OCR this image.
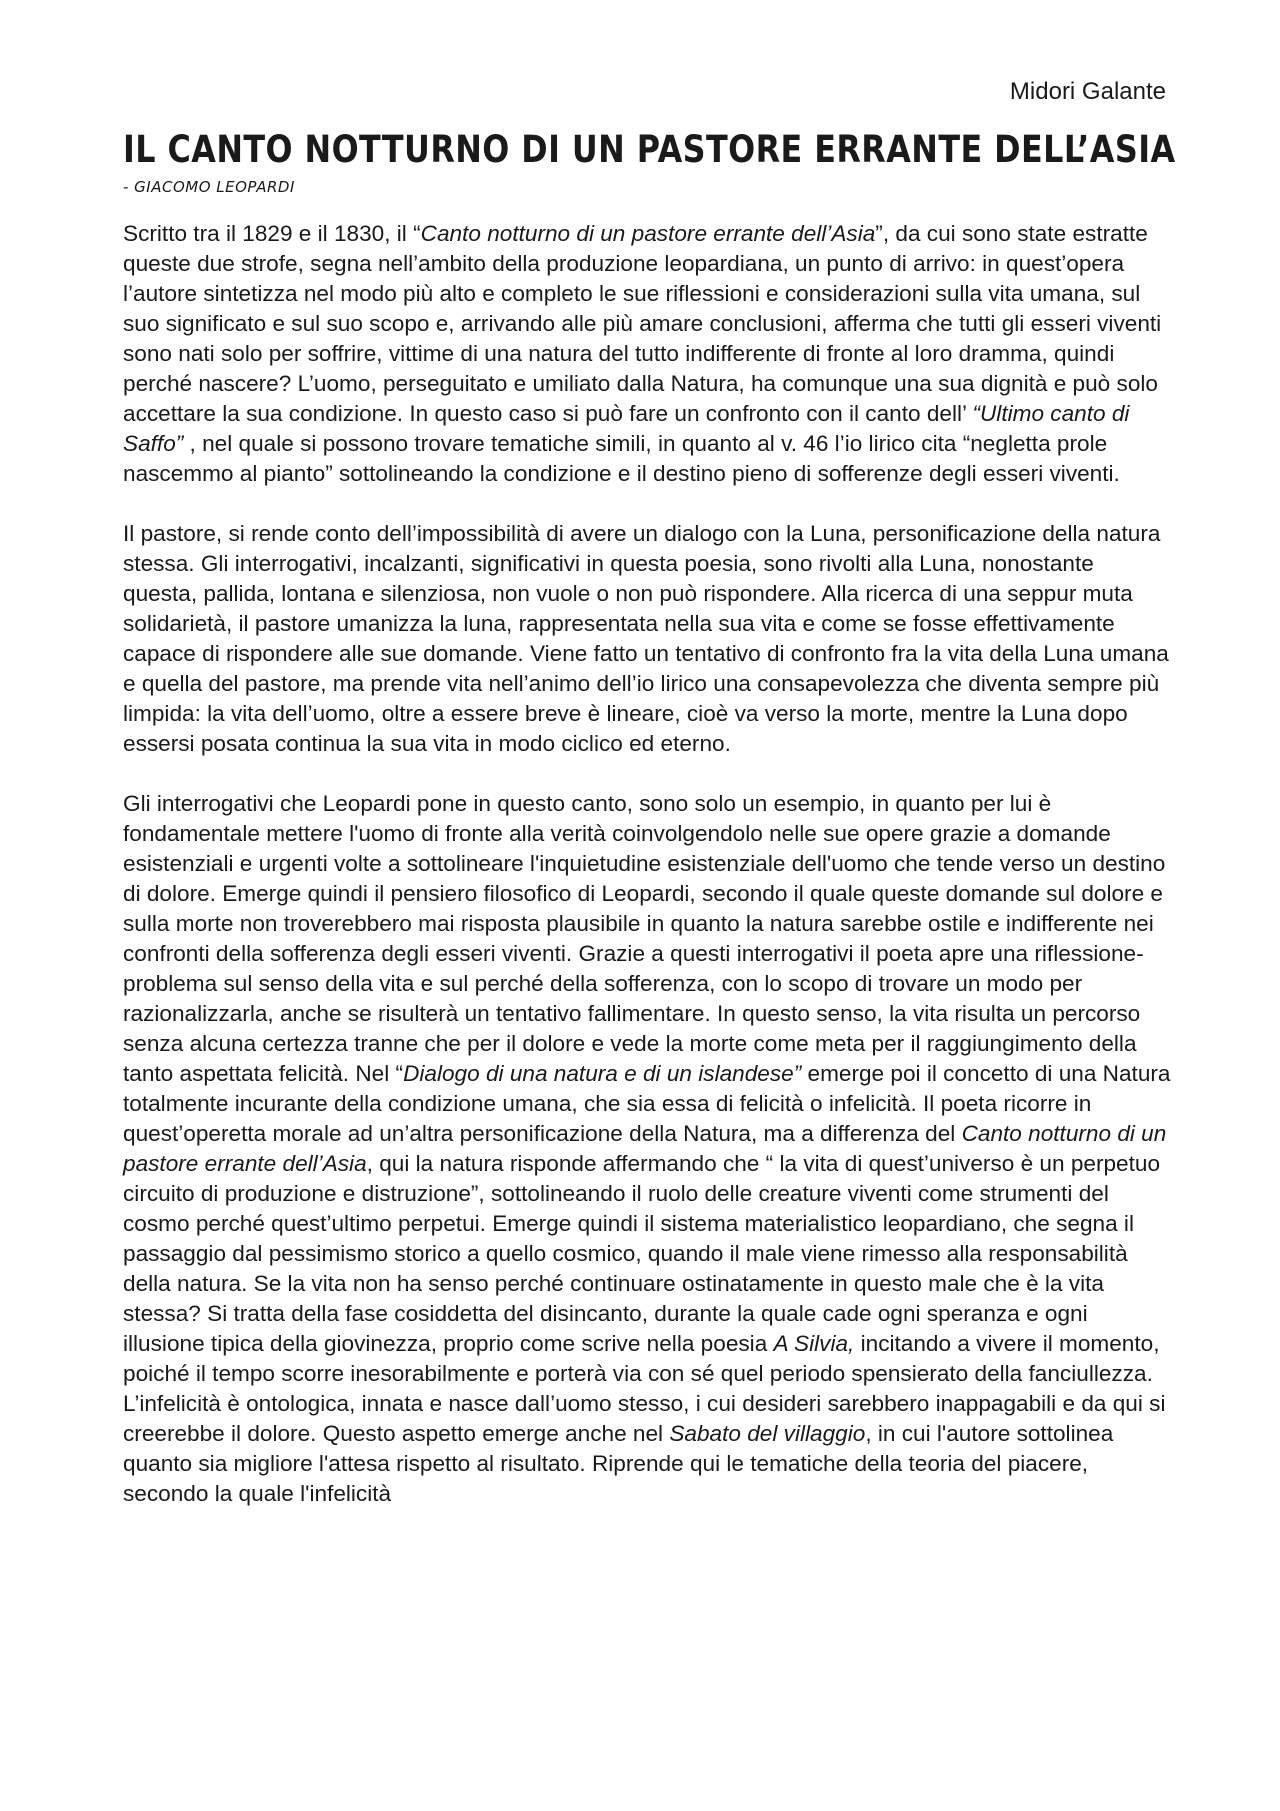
Midori Galante
IL CANTO NOTTURNO DI UN PASTORE ERRANTE DELL’ASIA
- GIACOMO LEOPARDI

Scritto tra il 1829 e il 1830, il “Canto notturno di un pastore errante dell’Asia”, da cui sono state estratte queste due strofe, segna nell’ambito della produzione leopardiana, un punto di arrivo: in quest’opera l’autore sintetizza nel modo più alto e completo le sue riflessioni e considerazioni sulla vita umana, sul suo significato e sul suo scopo e, arrivando alle più amare conclusioni, afferma che tutti gli esseri viventi sono nati solo per soffrire, vittime di una natura del tutto indifferente di fronte al loro dramma, quindi perché nascere? L’uomo, perseguitato e umiliato dalla Natura, ha comunque una sua dignità e può solo accettare la sua condizione. In questo caso si può fare un confronto con il canto dell’ “Ultimo canto di Saffo” , nel quale si possono trovare tematiche simili, in quanto al v. 46 l’io lirico cita “negletta prole nascemmo al pianto” sottolineando la condizione e il destino pieno di sofferenze degli esseri viventi.

Il pastore, si rende conto dell’impossibilità di avere un dialogo con la Luna, personificazione della natura stessa. Gli interrogativi, incalzanti, significativi in questa poesia, sono rivolti alla Luna, nonostante questa, pallida, lontana e silenziosa, non vuole o non può rispondere. Alla ricerca di una seppur muta solidarietà, il pastore umanizza la luna, rappresentata nella sua vita e come se fosse effettivamente capace di rispondere alle sue domande. Viene fatto un tentativo di confronto fra la vita della Luna umana e quella del pastore, ma prende vita nell’animo dell’io lirico una consapevolezza che diventa sempre più limpida: la vita dell’uomo, oltre a essere breve è lineare, cioè va verso la morte, mentre la Luna dopo essersi posata continua la sua vita in modo ciclico ed eterno.

Gli interrogativi che Leopardi pone in questo canto, sono solo un esempio, in quanto per lui è fondamentale mettere l'uomo di fronte alla verità coinvolgendolo nelle sue opere grazie a domande esistenziali e urgenti volte a sottolineare l'inquietudine esistenziale dell'uomo che tende verso un destino di dolore. Emerge quindi il pensiero filosofico di Leopardi, secondo il quale queste domande sul dolore e sulla morte non troverebbero mai risposta plausibile in quanto la natura sarebbe ostile e indifferente nei confronti della sofferenza degli esseri viventi. Grazie a questi interrogativi il poeta apre una riflessione-problema sul senso della vita e sul perché della sofferenza, con lo scopo di trovare un modo per razionalizzarla, anche se risulterà un tentativo fallimentare. In questo senso, la vita risulta un percorso senza alcuna certezza tranne che per il dolore e vede la morte come meta per il raggiungimento della tanto aspettata felicità. Nel “Dialogo di una natura e di un islandese” emerge poi il concetto di una Natura totalmente incurante della condizione umana, che sia essa di felicità o infelicità. Il poeta ricorre in quest’operetta morale ad un’altra personificazione della Natura, ma a differenza del Canto notturno di un pastore errante dell’Asia, qui la natura risponde affermando che “ la vita di quest’universo è un perpetuo circuito di produzione e distruzione”, sottolineando il ruolo delle creature viventi come strumenti del cosmo perché quest’ultimo perpetui. Emerge quindi il sistema materialistico leopardiano, che segna il passaggio dal pessimismo storico a quello cosmico, quando il male viene rimesso alla responsabilità della natura. Se la vita non ha senso perché continuare ostinatamente in questo male che è la vita stessa? Si tratta della fase cosiddetta del disincanto, durante la quale cade ogni speranza e ogni illusione tipica della giovinezza, proprio come scrive nella poesia A Silvia, incitando a vivere il momento, poiché il tempo scorre inesorabilmente e porterà via con sé quel periodo spensierato della fanciullezza. L’infelicità è ontologica, innata e nasce dall’uomo stesso, i cui desideri sarebbero inappagabili e da qui si creerebbe il dolore. Questo aspetto emerge anche nel Sabato del villaggio, in cui l'autore sottolinea quanto sia migliore l'attesa rispetto al risultato. Riprende qui le tematiche della teoria del piacere, secondo la quale l'infelicità
